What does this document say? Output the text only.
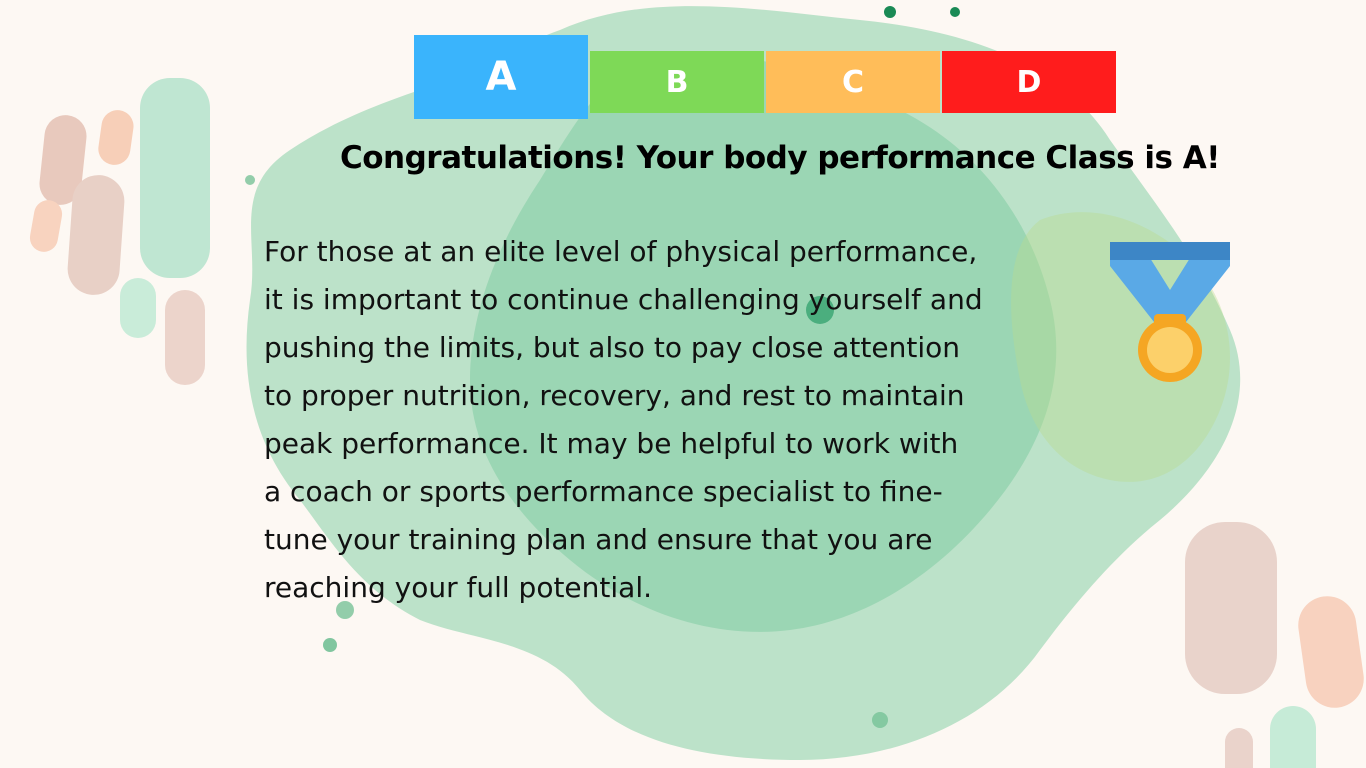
A	B	C	D
Congratulations! Your body performance Class is A!
For those at an elite level of physical performance,
it is important to continue challenging yourself and
pushing the limits, but also to pay close attention
to proper nutrition, recovery, and rest to maintain
peak performance. It may be helpful to work with
a coach or sports performance specialist to fine-
tune your training plan and ensure that you are
reaching your full potential.
